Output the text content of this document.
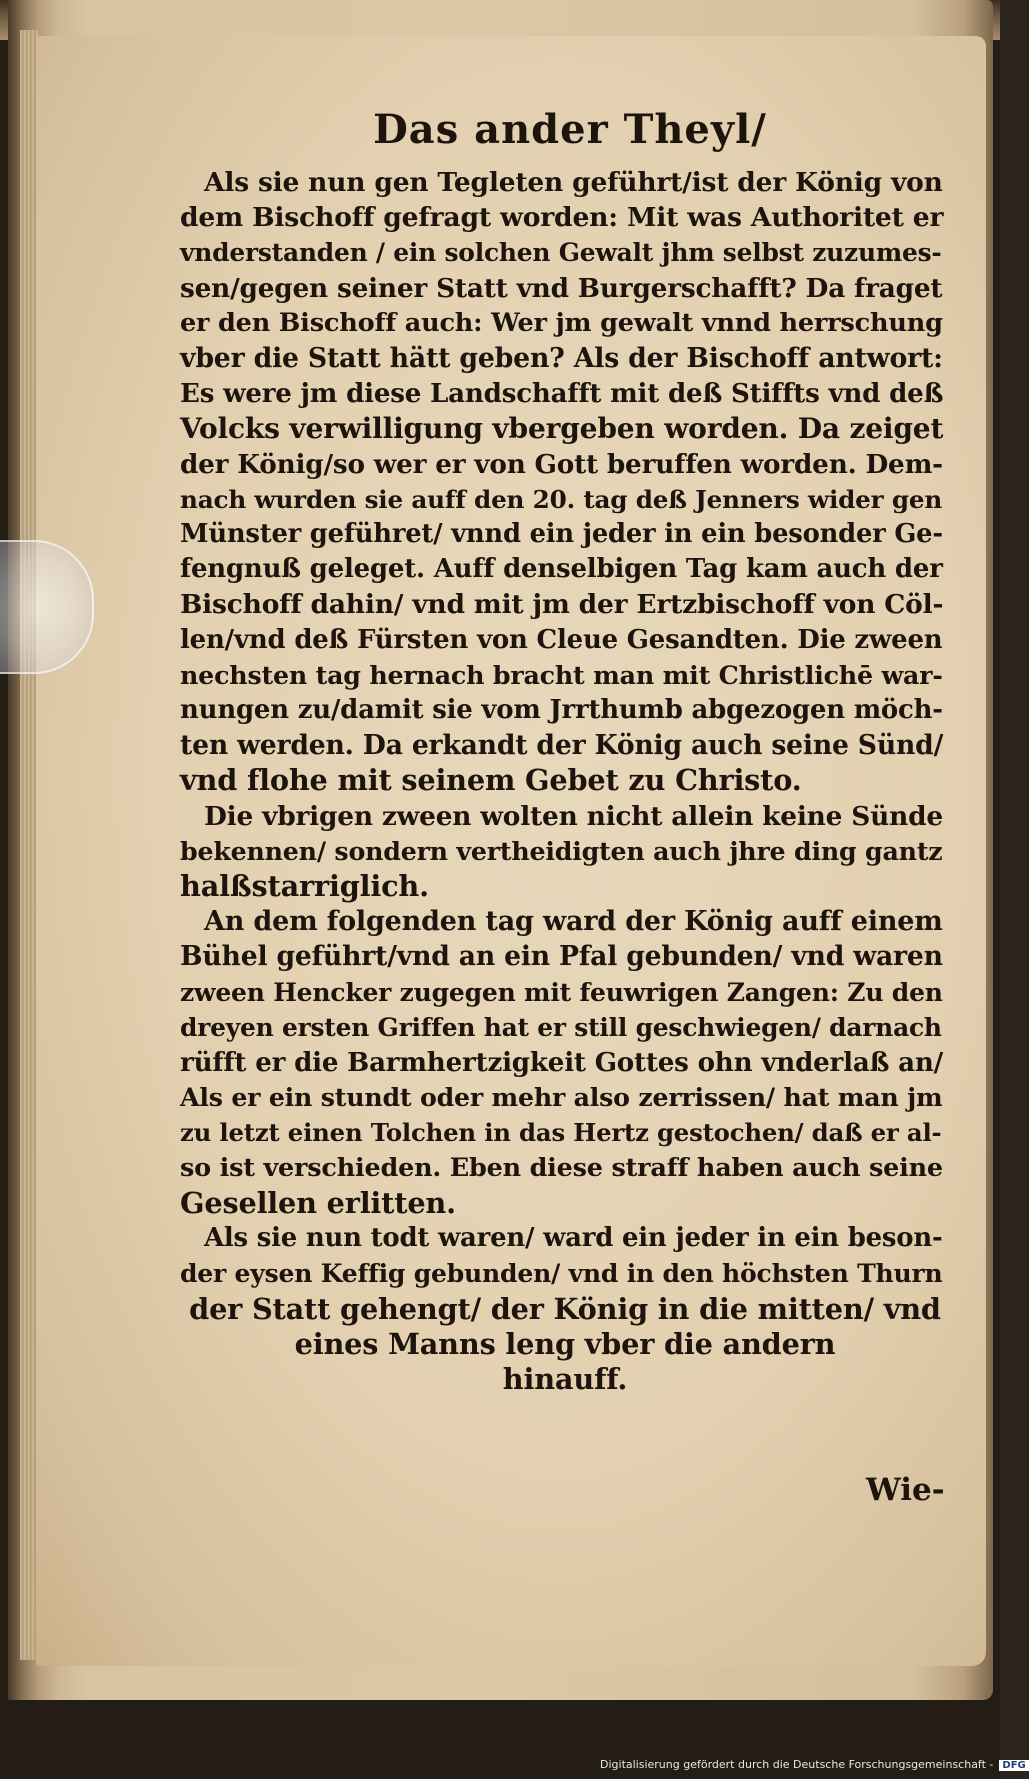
Das ander Theyl/
Als sie nun gen Tegleten geführt/ist der König von
dem Bischoff gefragt worden: Mit was Authoritet er
vnderstanden / ein solchen Gewalt jhm selbst zuzumes-
sen/gegen seiner Statt vnd Burgerschafft? Da fraget
er den Bischoff auch: Wer jm gewalt vnnd herrschung
vber die Statt hätt geben? Als der Bischoff antwort:
Es were jm diese Landschafft mit deß Stiffts vnd deß
Volcks verwilligung vbergeben worden. Da zeiget
der König/so wer er von Gott beruffen worden. Dem-
nach wurden sie auff den 20. tag deß Jenners wider gen
Münster geführet/ vnnd ein jeder in ein besonder Ge-
fengnuß geleget. Auff denselbigen Tag kam auch der
Bischoff dahin/ vnd mit jm der Ertzbischoff von Cöl-
len/vnd deß Fürsten von Cleue Gesandten. Die zween
nechsten tag hernach bracht man mit Christlichē war-
nungen zu/damit sie vom Jrrthumb abgezogen möch-
ten werden. Da erkandt der König auch seine Sünd/
vnd flohe mit seinem Gebet zu Christo.
Die vbrigen zween wolten nicht allein keine Sünde
bekennen/ sondern vertheidigten auch jhre ding gantz
halßstarriglich.
An dem folgenden tag ward der König auff einem
Bühel geführt/vnd an ein Pfal gebunden/ vnd waren
zween Hencker zugegen mit feuwrigen Zangen: Zu den
dreyen ersten Griffen hat er still geschwiegen/ darnach
rüfft er die Barmhertzigkeit Gottes ohn vnderlaß an/
Als er ein stundt oder mehr also zerrissen/ hat man jm
zu letzt einen Tolchen in das Hertz gestochen/ daß er al-
so ist verschieden. Eben diese straff haben auch seine
Gesellen erlitten.
Als sie nun todt waren/ ward ein jeder in ein beson-
der eysen Keffig gebunden/ vnd in den höchsten Thurn
der Statt gehengt/ der König in die mitten/ vnd
eines Manns leng vber die andern
hinauff.
Wie-
Digitalisierung gefördert durch die Deutsche Forschungsgemeinschaft - DFG
